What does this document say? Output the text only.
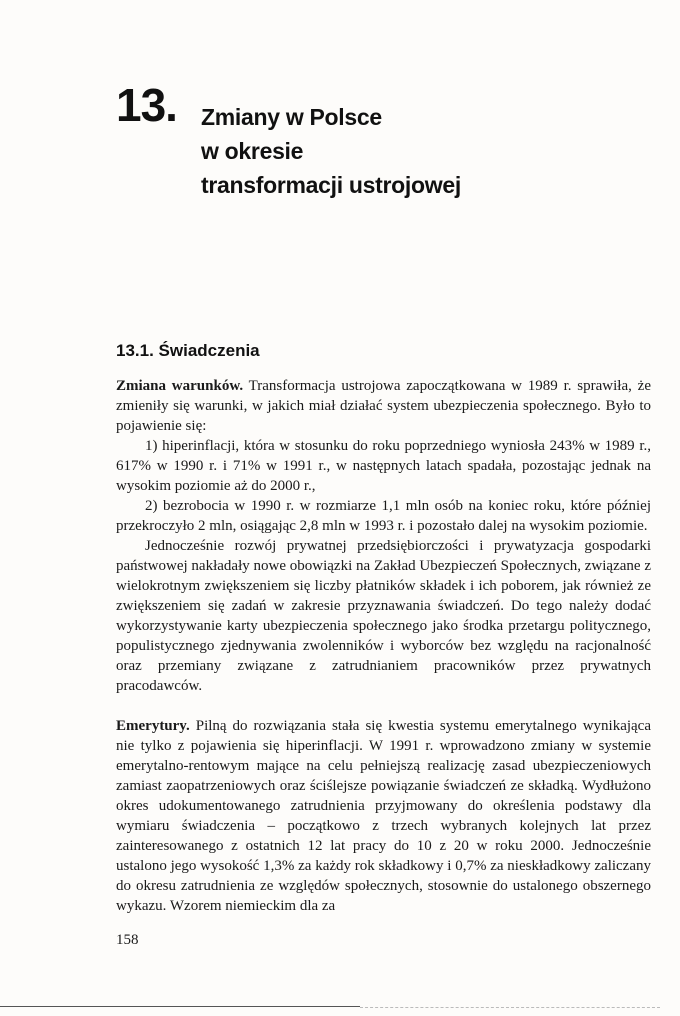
13. Zmiany w Polsce
w okresie
transformacji ustrojowej
13.1. Świadczenia

Zmiana warunków. Transformacja ustrojowa zapoczątkowana w 1989 r. sprawiła, że zmieniły się warunki, w jakich miał działać system ubezpieczenia społecznego. Było to pojawienie się:

1) hiperinflacji, która w stosunku do roku poprzedniego wyniosła 243% w 1989 r., 617% w 1990 r. i 71% w 1991 r., w następnych latach spadała, pozostając jednak na wysokim poziomie aż do 2000 r.,

2) bezrobocia w 1990 r. w rozmiarze 1,1 mln osób na koniec roku, które później przekroczyło 2 mln, osiągając 2,8 mln w 1993 r. i pozostało dalej na wysokim poziomie.

Jednocześnie rozwój prywatnej przedsiębiorczości i prywatyzacja gospodarki państwowej nakładały nowe obowiązki na Zakład Ubezpieczeń Społecznych, związane z wielokrotnym zwiększeniem się liczby płatników składek i ich poborem, jak również ze zwiększeniem się zadań w zakresie przyznawania świadczeń. Do tego należy dodać wykorzystywanie karty ubezpieczenia społecznego jako środka przetargu politycznego, populistycznego zjednywania zwolenników i wyborców bez względu na racjonalność oraz przemiany związane z zatrudnianiem pracowników przez prywatnych pracodawców.

Emerytury. Pilną do rozwiązania stała się kwestia systemu emerytalnego wynikająca nie tylko z pojawienia się hiperinflacji. W 1991 r. wprowadzono zmiany w systemie emerytalno-rentowym mające na celu pełniejszą realizację zasad ubezpieczeniowych zamiast zaopatrzeniowych oraz ściślejsze powiązanie świadczeń ze składką. Wydłużono okres udokumentowanego zatrudnienia przyjmowany do określenia podstawy dla wymiaru świadczenia – początkowo z trzech wybranych kolejnych lat przez zainteresowanego z ostatnich 12 lat pracy do 10 z 20 w roku 2000. Jednocześnie ustalono jego wysokość 1,3% za każdy rok składkowy i 0,7% za nieskładkowy zaliczany do okresu zatrudnienia ze względów społecznych, stosownie do ustalonego obszernego wykazu. Wzorem niemieckim dla za

158
